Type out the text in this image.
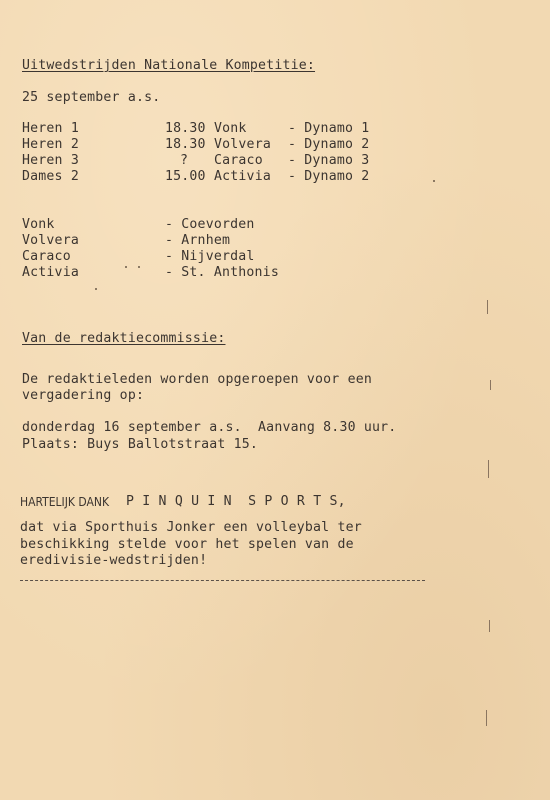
Uitwedstrijden Nationale Kompetitie:
25 september a.s.
Heren 1	18.30 Vonk	- Dynamo 1
Heren 2	18.30 Volvera - Dynamo 2
Heren 3	? Caraco - Dynamo 3
Dames 2	15.00 Activia - Dynamo 2
Vonk	- Coevorden
Volvera	- Arnhem
Caraco	- Nijverdal
Activia	- St. Anthonis
Van de redaktiecommissie:
De redaktieleden worden opgeroepen voor een
vergadering op:
donderdag 16 september a.s.  Aanvang 8.30 uur.
Plaats: Buys Ballotstraat 15.
HARTELIJK DANK P I N Q U I N  S P O R T S,
dat via Sporthuis Jonker een volleybal ter
beschikking stelde voor het spelen van de
eredivisie-wedstrijden!
